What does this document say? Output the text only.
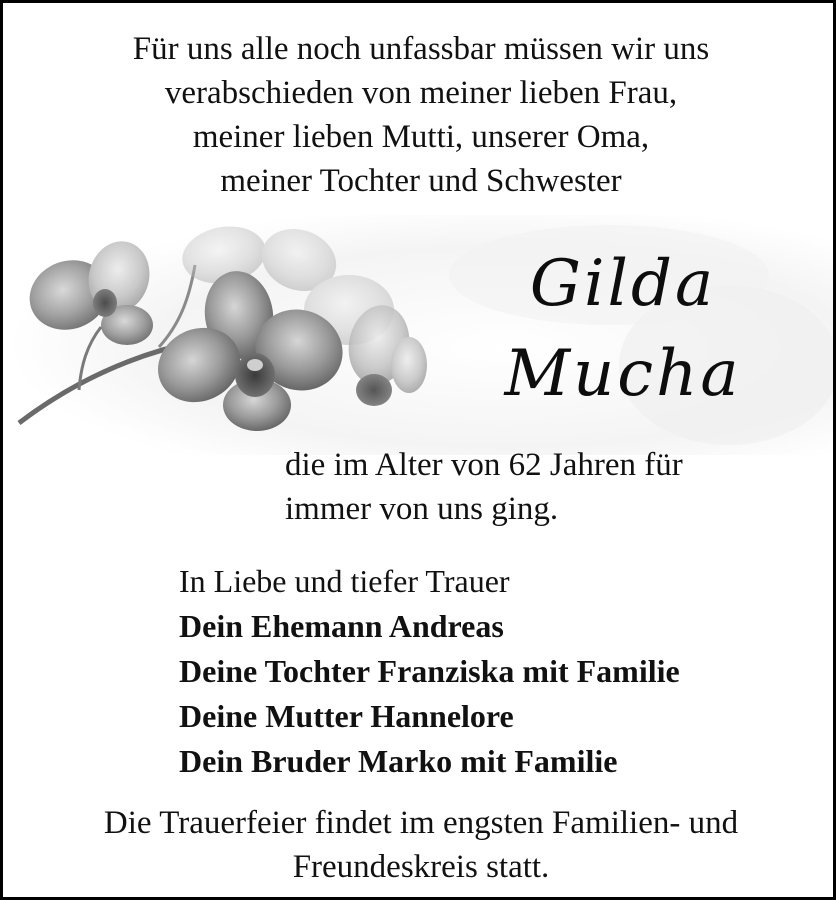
Für uns alle noch unfassbar müssen wir uns
verabschieden von meiner lieben Frau,
meiner lieben Mutti, unserer Oma,
meiner Tochter und Schwester
Gilda
Mucha
die im Alter von 62 Jahren für
immer von uns ging.
In Liebe und tiefer Trauer
Dein Ehemann Andreas
Deine Tochter Franziska mit Familie
Deine Mutter Hannelore
Dein Bruder Marko mit Familie
Die Trauerfeier findet im engsten Familien- und
Freundeskreis statt.
